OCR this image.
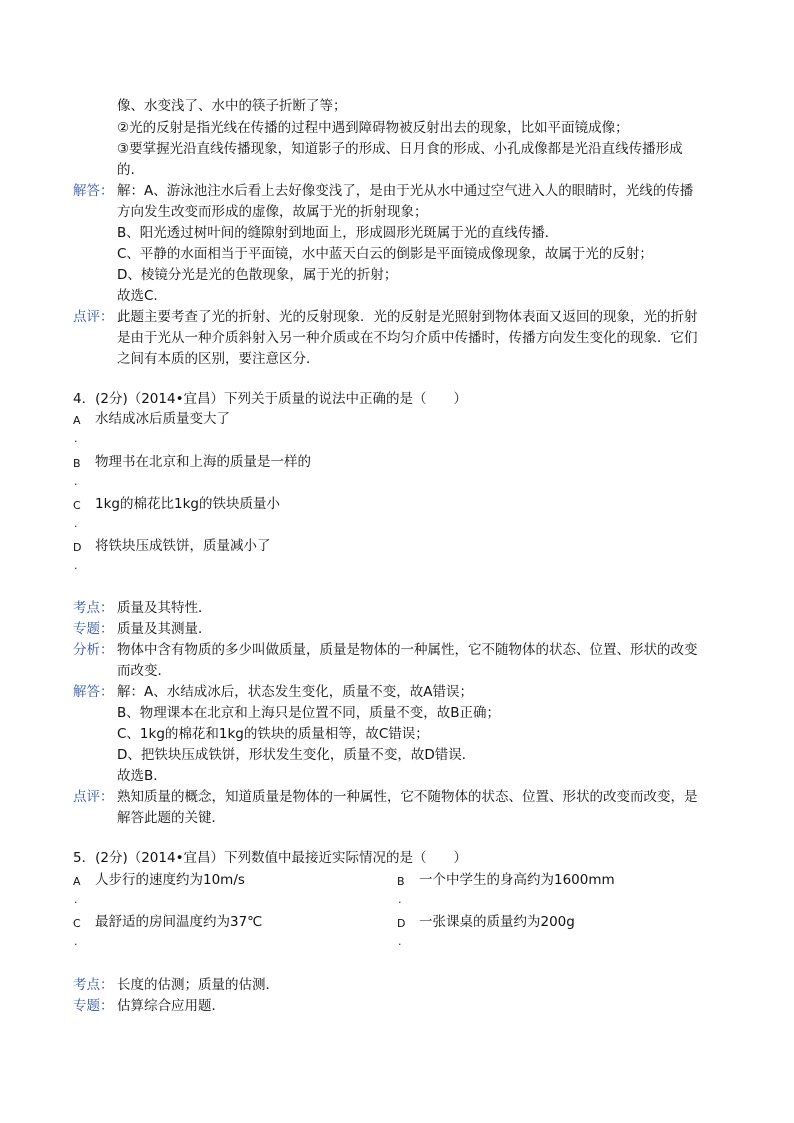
像、水变浅了、水中的筷子折断了等；
②光的反射是指光线在传播的过程中遇到障碍物被反射出去的现象，比如平面镜成像；
③要掌握光沿直线传播现象，知道影子的形成、日月食的形成、小孔成像都是光沿直线传播形成
的.
解答： 解：A、游泳池注水后看上去好像变浅了，是由于光从水中通过空气进入人的眼睛时，光线的传播
方向发生改变而形成的虚像，故属于光的折射现象；
B、阳光透过树叶间的缝隙射到地面上，形成圆形光斑属于光的直线传播．
C、平静的水面相当于平面镜，水中蓝天白云的倒影是平面镜成像现象，故属于光的反射；
D、棱镜分光是光的色散现象，属于光的折射；
故选C.
点评： 此题主要考查了光的折射、光的反射现象．光的反射是光照射到物体表面又返回的现象，光的折射
是由于光从一种介质斜射入另一种介质或在不均匀介质中传播时，传播方向发生变化的现象．它们
之间有本质的区别，要注意区分．
4．(2分)（2014•宜昌）下列关于质量的说法中正确的是（　　）
A 水结成冰后质量变大了
.
B 物理书在北京和上海的质量是一样的
.
C 1kg的棉花比1kg的铁块质量小
.
D 将铁块压成铁饼，质量减小了
.
考点： 质量及其特性．
专题： 质量及其测量．
分析： 物体中含有物质的多少叫做质量，质量是物体的一种属性，它不随物体的状态、位置、形状的改变
而改变．
解答： 解：A、水结成冰后，状态发生变化，质量不变，故A错误；
B、物理课本在北京和上海只是位置不同，质量不变，故B正确；
C、1kg的棉花和1kg的铁块的质量相等，故C错误；
D、把铁块压成铁饼，形状发生变化，质量不变，故D错误．
故选B.
点评： 熟知质量的概念，知道质量是物体的一种属性，它不随物体的状态、位置、形状的改变而改变，是
解答此题的关键．
5．(2分)（2014•宜昌）下列数值中最接近实际情况的是（　　）
A 人步行的速度约为10m/s
.
B 一个中学生的身高约为1600mm
.
C 最舒适的房间温度约为37℃
.
D 一张课桌的质量约为200g
.
考点： 长度的估测；质量的估测．
专题： 估算综合应用题．
